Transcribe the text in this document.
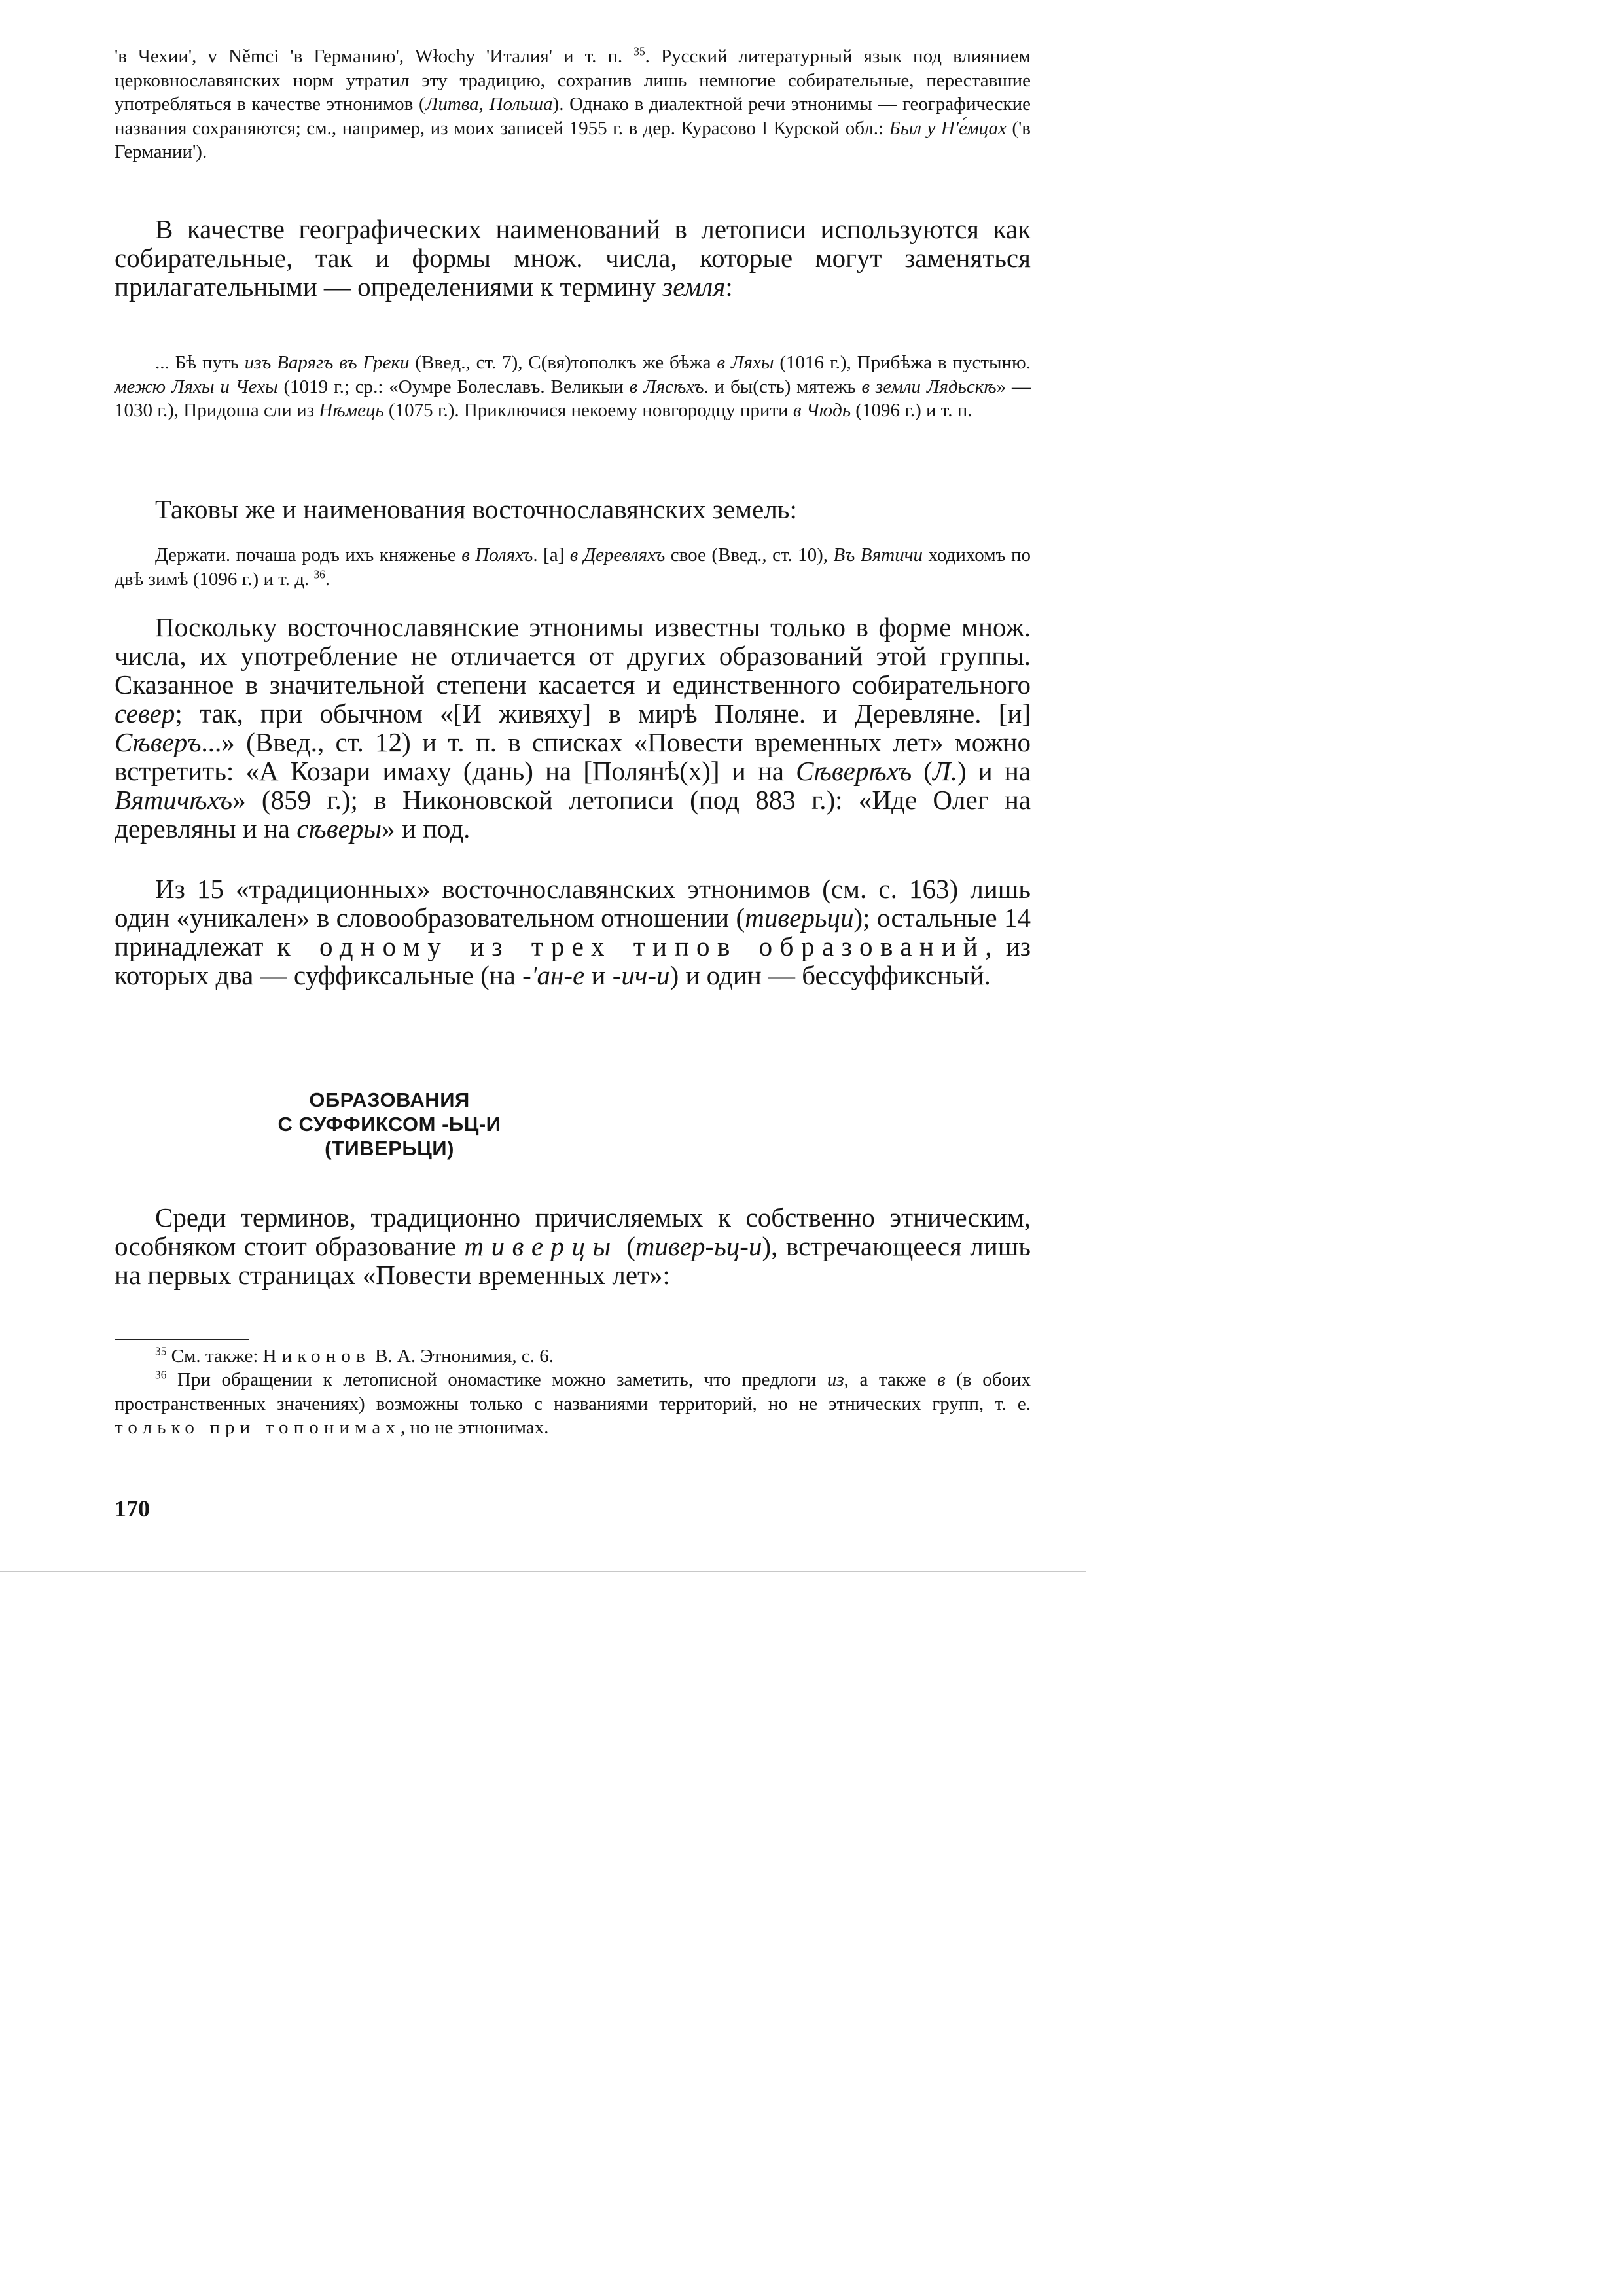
'в Чехии', v Němci 'в Германию', Włochy 'Италия' и т. п. $^{35}$. Русский литературный язык под влиянием церковнославянских норм утратил эту традицию, сохранив лишь немногие собирательные, переставшие употребляться в качестве этнонимов (Литва, Польша). Однако в диалектной речи этнонимы — географические названия сохраняются; см., например, из моих записей 1955 г. в дер. Курасово I Курской обл.: Был у Н'е́мцах ('в Германии').

В качестве географических наименований в летописи используются как собирательные, так и формы множ. числа, которые могут заменяться прилагательными — определениями к термину земля:

... Бѣ путь изъ Варягъ въ Греки (Введ., ст. 7), С(вя)тополкъ же бѣжа в Ляхы (1016 г.), Прибѣжа в пустыню. межю Ляхы и Чехы (1019 г.; ср.: «Оумре Болеславъ. Великыи в Лясѣхъ. и бы(сть) мятежь в земли Лядьскѣ» — 1030 г.), Придоша сли из Нѣмець (1075 г.). Приключися некоему новгородцу прити в Чюдь (1096 г.) и т. п.

Таковы же и наименования восточнославянских земель:

Держати. почаша родъ ихъ княженье в Поляхъ. [а] в Деревляхъ свое (Введ., ст. 10), Въ Вятичи ходихомъ по двѣ зимѣ (1096 г.) и т. д. $^{36}$.

Поскольку восточнославянские этнонимы известны только в форме множ. числа, их употребление не отличается от других образований этой группы. Сказанное в значительной степени касается и единственного собирательного север; так, при обычном «[И живяху] в мирѣ Поляне. и Деревляне. [и] Сѣверъ...» (Введ., ст. 12) и т. п. в списках «Повести временных лет» можно встретить: «А Козари имаху (дань) на [Полянѣ(х)] и на Сѣверѣхъ (Л.) и на Вятичѣхъ» (859 г.); в Никоновской летописи (под 883 г.): «Иде Олег на деревляны и на сѣверы» и под.

Из 15 «традиционных» восточнославянских этнонимов (см. с. 163) лишь один «уникален» в словообразовательном отношении (тиверьци); остальные 14 принадлежат к одному из трех типов образований, из которых два — суффиксальные (на -'ан-е и -ич-и) и один — бессуффиксный.

ОБРАЗОВАНИЯ
С СУФФИКСОМ -ЬЦ-И
(ТИВЕРЬЦИ)

Среди терминов, традиционно причисляемых к собственно этническим, особняком стоит образование тиверцы (тивер-ьц-и), встречающееся лишь на первых страницах «Повести временных лет»:

$^{35}$ См. также: Никонов В. А. Этнонимия, с. 6.

$^{36}$ При обращении к летописной ономастике можно заметить, что предлоги из, а также в (в обоих пространственных значениях) возможны только с названиями территорий, но не этнических групп, т. е. только при топонимах, но не этнонимах.

170
